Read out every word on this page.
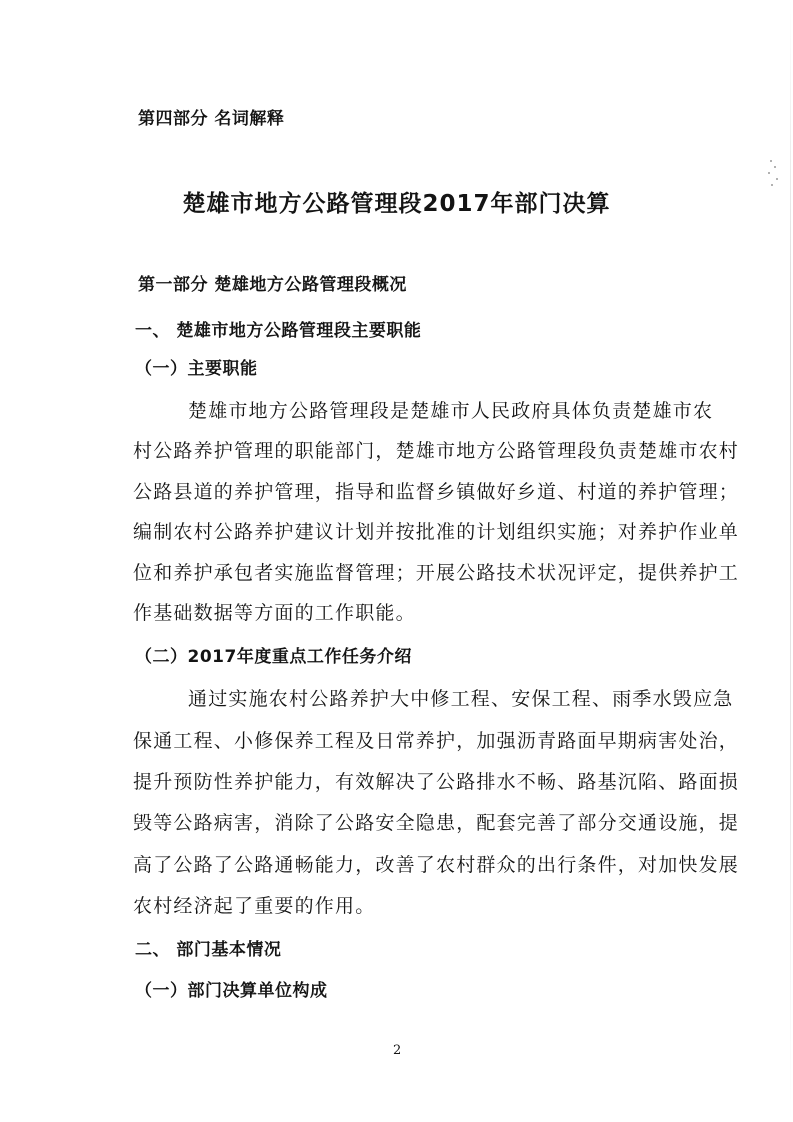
第四部分 名词解释
楚雄市地方公路管理段2017年部门决算
第一部分 楚雄地方公路管理段概况
一、 楚雄市地方公路管理段主要职能
（一）主要职能
楚雄市地方公路管理段是楚雄市人民政府具体负责楚雄市农
村公路养护管理的职能部门，楚雄市地方公路管理段负责楚雄市农村
公路县道的养护管理，指导和监督乡镇做好乡道、村道的养护管理；
编制农村公路养护建议计划并按批准的计划组织实施；对养护作业单
位和养护承包者实施监督管理；开展公路技术状况评定，提供养护工
作基础数据等方面的工作职能。
（二）2017年度重点工作任务介绍
通过实施农村公路养护大中修工程、安保工程、雨季水毁应急
保通工程、小修保养工程及日常养护，加强沥青路面早期病害处治，
提升预防性养护能力，有效解决了公路排水不畅、路基沉陷、路面损
毁等公路病害，消除了公路安全隐患，配套完善了部分交通设施，提
高了公路了公路通畅能力，改善了农村群众的出行条件，对加快发展
农村经济起了重要的作用。
二、 部门基本情况
（一）部门决算单位构成
2
